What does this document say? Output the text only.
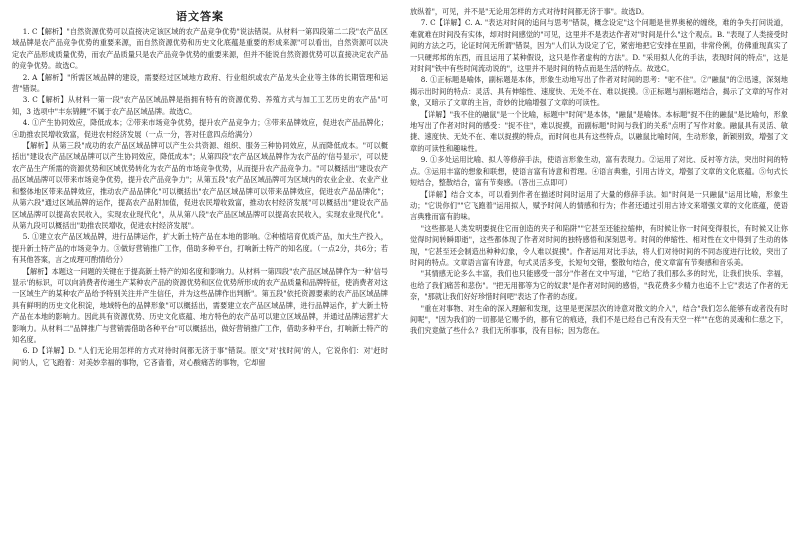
语文答案

1. C【解析】"自然资源优势可以直接决定该区域的农产品竞争优势"说法错误。从材料一第四段第二二段"农产品区域品牌是农产品竞争优势的重要来源，而自然资源优势和历史文化底蕴是重要的形成来源"可以看出，自然资源可以决定农产品形成质量优势，而农产品质量只是农产品竞争优势的重要来源，但并不能说自然资源优势可以直接决定农产品的竞争优势。故选C。

2. A【解析】"所需区域品牌的建设，需要经过区域地方政府、行业组织或农产品龙头企业等主体的长期管理和运营"错误。

3. C【解析】从材料一第一段"农产品区域品牌是指拥有特有的资源优势、养殖方式与加工工艺历史的农产品"可知，3 选项中"丰东锦鲤"不属于农产品区域品牌。故选C。

4. ①产生协同效应，降低成本；②带来市场竞争优势，提升农产品竞争力；③带来品牌效应，促进农产品品牌化；④助推农民增收致富，促进农村经济发展（一点一分，答对任意四点给满分）

【解析】从第三段"成功的农产品区域品牌可以产生公共资源、组织、服务三种协同效应，从而降低成本。"可以概括出"建设农产品区域品牌可以产生协同效应，降低成本"；从第四段"农产品区域品牌作为农产品的'信号显示'，可以使农产品生产所需的资源优势和区域优势转化为农产品的市场竞争优势，从而提升农产品竞争力。"可以概括出"建设农产品区域品牌可以带来市场竞争优势，提升农产品竞争力"；从第五段"农产品区域品牌可为区域内的农业企业、农业产业和整体地区带来品牌效应，推动农产品品牌化"可以概括出"农产品区域品牌可以带来品牌效应，促进农产品品牌化"；从第六段"通过区域品牌的运作，提高农产品附加值，促进农民增收致富，推动农村经济发展"可以概括出"建设农产品区域品牌可以提高农民收入，实现农业现代化"，从从第八段"农产品区域品牌可以提高农民收入，实现农业现代化"。从第九段可以概括出"助推农民增收，促进农村经济发展"。

5. ①建立农产品区域品牌，进行品牌运作，扩大新土特产品在本地的影响。②种植培育优质产品，加大生产投入，提升新土特产品的市场竞争力。③做好营销推广工作，借助多种平台，打响新土特产的知名度。（一点2分，共6分；若有其他答案，言之成理可酌情给分）

【解析】本题这一问题的关键在于提高新土特产的知名度和影响力。从材料一第四段"农产品区域品牌作为一种'信号显示'的标识，可以向消费者传递生产某种农产品的资源优势和区位优势所形成的农产品质量和品牌特征，使消费者对这一区域生产的某种农产品给予特别关注并产生信任，并为这些品牌作出判断"。第五段"依托资源要素的农产品区域品牌具有鲜明的历史文化积淀，地域特色的品牌形象"可以概括出，需要建立农产品区域品牌，进行品牌运作，扩大新土特产品在本地的影响力。因此具有资源优势、历史文化底蕴、地方特色的农产品可以建立区域品牌，并通过品牌运营扩大影响力。从材料二"品牌推广与营销需借助各种平台"可以概括出，做好营销推广工作，借助多种平台，打响新土特产的知名度。

6. D【详解】D. "人们无论用怎样的方式对待时间都无济于事"错误。原文"对'找时间'的人，它说你们：对'赶时间'的人，它飞跑着：对美妙幸福的事物，它吝啬着，对心酸痛苦的事物，它却留

放纵着"，可见，并不是"无论用怎样的方式对待时间都无济于事"。故选D。

7. C【详解】C. A. "表达对时间的追问与思考"错误，概念设定"这个问题是世界奥秘的缠绕，难的争失打问说道，难就难在时间没有实体，却对时间感觉的"可见，这里并不是表达作者对"时间是什么"这个观点。B. "表现了人类接受时间的方法之巧，论证时间无所谓"错误，因为"人们认为设定了它，紧密地把它安排在里面，非常伶俐，仿佛重现真实了一只硬邦邦的东西，而且运用了某种假设，这只是作者虚构的方法"。D. "采用拟人化的手法，表现时间的特点"，这是对时间"铁中有些时间流动说的"，这里并不是时间的特点而是生活的特点。故选C。

8. ①正标题是喻体，副标题是本体，形象生动地写出了作者对时间的思考："驼不住"。②"融鼠"的②迅速，深刻地揭示出时间的特点：灵活、具有伸缩性、速度快、无处不在、难以捉摸。③正标题与副标题结合，揭示了文章的写作对象，又暗示了文章的主旨，奇妙的比喻增强了文章的可读性。

【详解】"我不住的融鼠"是一个比喻，标题中"时间"是本体，"融鼠"是喻体。本标题"捉不住的融鼠"是比喻句，形象地写出了作者对时间的感受："捉不住"，难以捉摸，而副标题"时间与我们的关系"点明了写作对象。融鼠具有灵活、敏捷、速度快、无处不在、难以捉摸的特点，而时间也具有这些特点，以融鼠比喻时间，生动形象，新颖别致，增强了文章的可读性和趣味性。

9. ①多处运用比喻、拟人等修辞手法，使语言形象生动，富有表现力。②运用了对比、反衬等方法，突出时间的特点。③运用丰富的想象和联想，使语言富有诗意和哲理。④语言典雅，引用古诗文，增强了文章的文化底蕴。⑤句式长短结合，整散结合，富有节奏感。（答出三点即可）

【详解】结合文本，可以看到作者在描述时间时运用了大量的修辞手法。如"时间是一只融鼠"运用比喻，形象生动；"它说你们""它飞跑着"运用拟人，赋予时间人的情感和行为；作者还通过引用古诗文来增强文章的文化底蕴，使语言典雅而富有韵味。

"这些都是人类发明要捉住它而创造的夹子和陷阱""它甚至还能拉缩伸，有时候让你一时间变得很长，有时候又让你觉得时间转瞬即逝"，这些都体现了作者对时间的独特感悟和深刻思考。时间的伸缩性、相对性在文中得到了生动的体现，"它甚至还会制造出种种幻象，令人难以捉摸"。作者运用对比手法，将人们对待时间的不同态度进行比较，突出了时间的特点。文章语言富有诗意，句式灵活多变，长短句交错，整散句结合，使文章富有节奏感和音乐美。

"其情感无论多么丰富，我们也只能感受一部分"作者在文中写道，"它给了我们那么多的时光，让我们快乐、幸福，也给了我们痛苦和悲伤"。"把无用都等为它的奴隶"是作者对时间的感悟，"我花费多少精力也追不上它"表达了作者的无奈，"那就让我们好好珍惜时间吧"表达了作者的态度。

"重在对事物、对生命的深入理解和发现，这里是更深层次的诗意对散文的介入"，结合"我们怎么能够有或者没有时间呢"，"因为我们的一切都是它赐予的，都有它的痕迹，我们不是已经自己有没有天空一样""在您的灵魂和仁慈之下，我们究竟做了些什么？我们无所事事，没有目标；因为您在。
